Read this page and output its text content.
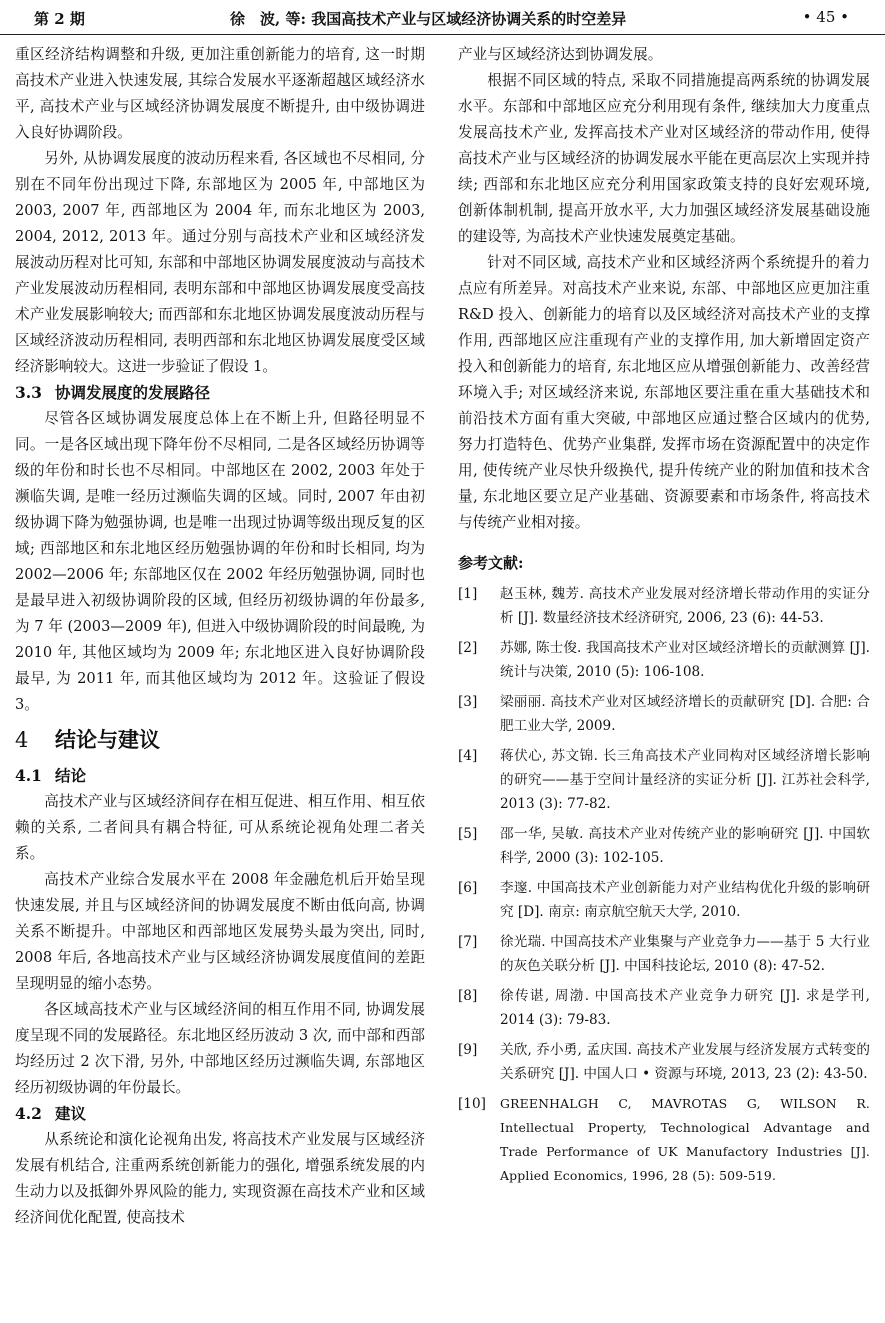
第 2 期	徐　波, 等: 我国高技术产业与区域经济协调关系的时空差异	• 45 •

重区经济结构调整和升级, 更加注重创新能力的培育, 这一时期高技术产业进入快速发展, 其综合发展水平逐渐超越区域经济水平, 高技术产业与区域经济协调发展度不断提升, 由中级协调进入良好协调阶段。

另外, 从协调发展度的波动历程来看, 各区域也不尽相同, 分别在不同年份出现过下降, 东部地区为 2005 年, 中部地区为 2003, 2007 年, 西部地区为 2004 年, 而东北地区为 2003, 2004, 2012, 2013 年。通过分别与高技术产业和区域经济发展波动历程对比可知, 东部和中部地区协调发展度波动与高技术产业发展波动历程相同, 表明东部和中部地区协调发展度受高技术产业发展影响较大; 而西部和东北地区协调发展度波动历程与区域经济波动历程相同, 表明西部和东北地区协调发展度受区域经济影响较大。这进一步验证了假设 1。

3.3 协调发展度的发展路径

尽管各区域协调发展度总体上在不断上升, 但路径明显不同。一是各区域出现下降年份不尽相同, 二是各区域经历协调等级的年份和时长也不尽相同。中部地区在 2002, 2003 年处于濒临失调, 是唯一经历过濒临失调的区域。同时, 2007 年由初级协调下降为勉强协调, 也是唯一出现过协调等级出现反复的区域; 西部地区和东北地区经历勉强协调的年份和时长相同, 均为 2002—2006 年; 东部地区仅在 2002 年经历勉强协调, 同时也是最早进入初级协调阶段的区域, 但经历初级协调的年份最多, 为 7 年 (2003—2009 年), 但进入中级协调阶段的时间最晚, 为 2010 年, 其他区域均为 2009 年; 东北地区进入良好协调阶段最早, 为 2011 年, 而其他区域均为 2012 年。这验证了假设 3。

4 结论与建议
4.1 结论

高技术产业与区域经济间存在相互促进、相互作用、相互依赖的关系, 二者间具有耦合特征, 可从系统论视角处理二者关系。

高技术产业综合发展水平在 2008 年金融危机后开始呈现快速发展, 并且与区域经济间的协调发展度不断由低向高, 协调关系不断提升。中部地区和西部地区发展势头最为突出, 同时, 2008 年后, 各地高技术产业与区域经济协调发展度值间的差距呈现明显的缩小态势。

各区域高技术产业与区域经济间的相互作用不同, 协调发展度呈现不同的发展路径。东北地区经历波动 3 次, 而中部和西部均经历过 2 次下滑, 另外, 中部地区经历过濒临失调, 东部地区经历初级协调的年份最长。

4.2 建议

从系统论和演化论视角出发, 将高技术产业发展与区域经济发展有机结合, 注重两系统创新能力的强化, 增强系统发展的内生动力以及抵御外界风险的能力, 实现资源在高技术产业和区域经济间优化配置, 使高技术

产业与区域经济达到协调发展。

根据不同区域的特点, 采取不同措施提高两系统的协调发展水平。东部和中部地区应充分利用现有条件, 继续加大力度重点发展高技术产业, 发挥高技术产业对区域经济的带动作用, 使得高技术产业与区域经济的协调发展水平能在更高层次上实现并持续; 西部和东北地区应充分利用国家政策支持的良好宏观环境, 创新体制机制, 提高开放水平, 大力加强区域经济发展基础设施的建设等, 为高技术产业快速发展奠定基础。

针对不同区域, 高技术产业和区域经济两个系统提升的着力点应有所差异。对高技术产业来说, 东部、中部地区应更加注重 R&D 投入、创新能力的培育以及区域经济对高技术产业的支撑作用, 西部地区应注重现有产业的支撑作用, 加大新增固定资产投入和创新能力的培育, 东北地区应从增强创新能力、改善经营环境入手; 对区域经济来说, 东部地区要注重在重大基础技术和前沿技术方面有重大突破, 中部地区应通过整合区域内的优势, 努力打造特色、优势产业集群, 发挥市场在资源配置中的决定作用, 使传统产业尽快升级换代, 提升传统产业的附加值和技术含量, 东北地区要立足产业基础、资源要素和市场条件, 将高技术与传统产业相对接。

参考文献:
[1]	赵玉林, 魏芳. 高技术产业发展对经济增长带动作用的实证分析 [J]. 数量经济技术经济研究, 2006, 23 (6): 44-53.
[2]	苏娜, 陈士俊. 我国高技术产业对区域经济增长的贡献测算 [J]. 统计与决策, 2010 (5): 106-108.
[3]	梁丽丽. 高技术产业对区域经济增长的贡献研究 [D]. 合肥: 合肥工业大学, 2009.
[4]	蒋伏心, 苏文锦. 长三角高技术产业同构对区域经济增长影响的研究——基于空间计量经济的实证分析 [J]. 江苏社会科学, 2013 (3): 77-82.
[5]	邵一华, 吴敏. 高技术产业对传统产业的影响研究 [J]. 中国软科学, 2000 (3): 102-105.
[6]	李邃. 中国高技术产业创新能力对产业结构优化升级的影响研究 [D]. 南京: 南京航空航天大学, 2010.
[7]	徐光瑞. 中国高技术产业集聚与产业竞争力——基于 5 大行业的灰色关联分析 [J]. 中国科技论坛, 2010 (8): 47-52.
[8]	徐传谌, 周渤. 中国高技术产业竞争力研究 [J]. 求是学刊, 2014 (3): 79-83.
[9]	关欣, 乔小勇, 孟庆国. 高技术产业发展与经济发展方式转变的关系研究 [J]. 中国人口 • 资源与环境, 2013, 23 (2): 43-50.
[10]	GREENHALGH C, MAVROTAS G, WILSON R. Intellectual Property, Technological Advantage and Trade Performance of UK Manufactory Industries [J]. Applied Economics, 1996, 28 (5): 509-519.
